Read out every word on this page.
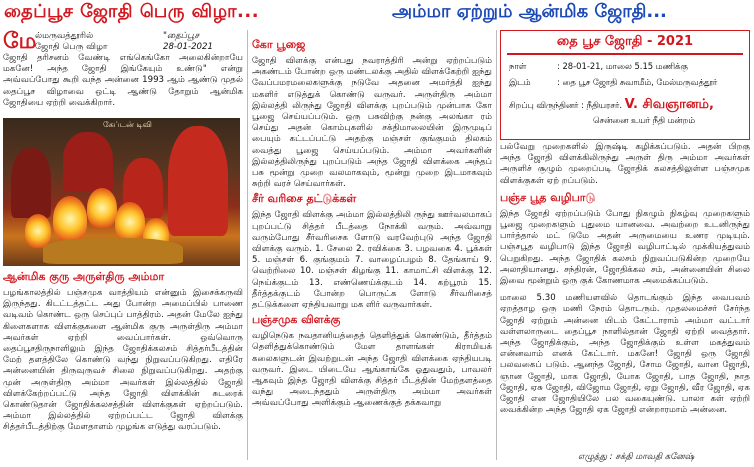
தைப்பூச ஜோதி பெரு விழா...	அம்மா ஏற்றும் ஆன்மிக ஜோதி...
மே
ல்மருவத்தூரில்
ஜோதி பெரு விழா
"தைப்பூச
28-01-2021

ஜோதி தரிசனம் வேண்டி எங்கெங்கோ அலைகின்றாயே மகனே! அந்த ஜோதி இங்கேயும் உண்டு" என்று அவ்வப்போது கூறி வந்த அன்னை 1993 ஆம் ஆண்டு முதல் தைப்பூச விழாவை ஒட்டி ஆண்டு தோறும் ஆன்மிக ஜோதியை ஏற்றி வைக்கிறார்.

கேப்டன் டிவி
ஆன்மிக குரு அருள்திரு அம்மா

பழங்காலத்தில் பஞ்சமுக வாத்தியம் என்னும் இசைக்கருவி இருந்தது. கிடட்டத்தட்ட அது போன்ற அமைப்பில் பாணை வடிவம் கொண்ட ஒரு செப்புப் பாத்திரம். அதன் மேலே ஐந்து கிளைகளாக விளக்குகளை ஆன்மிக குரு அருள்திரு அம்மா அவர்கள் ஏற்றி வைப்பார்கள். ஒவ்வொரு தைப்பூசதிருநாளிலும் இந்த ஜோதிக்கலசம் சித்தர்பீடத்தின் மேற் தளத்திலே கொண்டு வந்து நிறுவப்படுகிறது. எதிரே அன்னையின் திருவுருவச் சிலை நிறுவப்படுகிறது. அதற்கு முன் அருள்திரு அம்மா அவர்கள் இல்லத்தில் ஜோதி விளக்கேற்றப்பட்டு அந்த ஜோதி விளக்கின் சுடரைக் கொண்டுதான் ஜோதிக்கலசத்தின் விளக்குகள் ஏற்றப்படும். அம்மா இல்லத்தில் ஏற்றப்பட்ட ஜோதி விளக்கு சித்தர்பீடத்திற்கு மேளதாளம் முழங்க எடுத்து வரப்படும்.

கோ பூஜை

ஜோதி விளக்கு என்பது நவராத்திரி அன்று ஏற்றப்படும் அகண்டம் போன்ற ஒரு மண்டலக்கு அதில் விளக்கேற்றி ஐந்து வேப்பமரமலைகளுக்கு நடுவே அதனை அமர்த்தி ஐந்து மகளிர் எடுத்துக் கொண்டு வருவர். அருள்திரு அம்மா இல்லத்தி லிருந்து ஜோதி விளக்கு புறப்படும் முன்பாக கோ பூஜை செய்யப்படும். ஒரு பசுவிற்கு நன்கு அலங்கா ரம் செய்து அதன் கொம்புகளில் சக்திமாலையின் இருமுடிப் பையும் கட்டப்பட்டு அதற்கு மஞ்சள் குங்குமம் திலகம் வைத்து பூஜை செய்யப்படும். அம்மா அவர்களின் இல்லத்திலிருந்து புறப்படும் அந்த ஜோதி விளக்கை அந்தப் பசு மூன்று முறை வலமாகவும், மூன்று முறை இடமாகவும் சுற்றி வரச் செய்வார்கள்.

சீர் வரிசை தட்டுக்கள்

இந்த ஜோதி விளக்கு அம்மா இல்லத்திலி ருந்து ஊர்வலமாகப் புறப்பட்டு சித்தர் பீடத்தை நோக்கி வரும். அவ்வாறு வரும்போது சீர்வரிசைக ளோடு வரவேற்புடு அந்த ஜோதி விளக்கு வரும். 1. சேலை 2. ரவிக்கை 3. பழவகை 4. பூக்கள் 5. மஞ்சள் 6. குங்குமம் 7. வாழைப்பழம் 8. தேங்காய் 9. வெற்றிலை 10. மஞ்சள் கிழங்கு 11. காமாட்சி விளக்கு 12. நெய்க்குடம் 13. எண்ணெய்க்குடம் 14. கற்பூரம் 15. தீர்த்தக்குடம் போன்ற பொருட்க ளோடு சீர்வரிசைத் தட்டுக்களை ஏந்தியவாறு மக ளிர் வருவார்கள்.

பஞ்சமுக விளக்கு

வழிநெடுக நவதானியத்தைத் தெளித்துக் கொண்டும், தீர்த்தம் தெளித்துக்கொண்டும் மேள தாளங்கள் கிராமியக் கலைகளுடன் இவற்றுடன் அந்த ஜோதி விளக்கை ஏந்தியபடி வருவர். இடை யிடையே ஆங்காங்கே ஓதுவதும், பாவலர் ஆகவும் இந்த ஜோதி விளக்கு சித்தர் பீடத்தின் மேற்தளத்தை வந்து அடைந்ததும் அருள்திரு அம்மா அவர்கள் அவ்வப்போது அளிக்கும் ஆணைக்குத் தக்கவாறு

தை பூச ஜோதி - 2021
நாள்	: 28-01-21, மாலை 5.15 மணிக்கு
இடம்	: தை பூச ஜோதி சுவாமீம், மேல்மருவத்தூர்
சிறப்பு விருந்தினர் : நீதியரசர். V. சிவஞானம்,
சென்னை உயர் நீதி மன்றம்

பல்வேறு முறைகளில் இருஷ்டி கழிக்கப்படும். அதன் பிறகு அந்த ஜோதி விளக்கிலிருந்து அருள் திரு அம்மா அவர்கள் அருளிச் சூழும் முறைப்படி ஜோதிக் கலசத்திலுள்ள பஞ்சமுக விளக்குகள் ஏற் றப்படும்.

பஞ்ச பூத வழிபாடு

இந்த ஜோதி ஏற்றப்படும் போது நிகழும் நிகழ்வு முறைகளும் பூஜை முறைகளும் புதுமை யானவை. அவற்றை உடனிருந்து பார்த்தால் மட் டுமே அதன் அருமையை உணர முடியும். பஞ்சபூத வழிபாடு இந்த ஜோதி வழிபாட்டில் முக்கியத்துவம் பெறுகிறது. அந்த ஜோதிக் கலசம் நிறுவப்படுகின்ற முறையே அலாதியானது. சந்திரன், ஜோதிக்கல சம், அன்னையின் சிலை இவை மூன்றும் ஒரு குக் கோணமாக அமைக்கப்படும்.

மாலை 5.30 மணியளவில் தொடங்கும் இந்த வைபவம் ஏறத்தாழ ஒரு மணி நேரம் தொடரும். முதலமைச்சர் சேர்ந்த ஜோதி ஏற்றும் அன்னை யிடம் கேட்டாராம் அம்மா வட்டார் வள்ளலாருடை தைப்பூச நாளில்தான் ஜோதி ஏற்றி வைத்தார். அந்த ஜோதிக்கும், அந்த ஜோதிக்கும் உள்ள மகத்துவம் என்னவாம் எனக் கேட்டார். மகனே! ஜோதி ஒரு ஜோதி பலவகைப் படும். ஆனந்த ஜோதி, சோம ஜோதி, வான ஜோதி, ஞான ஜோதி, மாக ஜோதி, யோக ஜோதி, பாத ஜோதி, நாத ஜோதி, ஏசு ஜோதி, விஜோம ஜோதி, ஏறு ஜோதி, வீர ஜோதி, ஏக ஜோதி என ஜோதியிலே பல வகையுண்டு. பாலா கள் ஏற்றி வைக்கின்ற அந்த ஜோதி ஏக ஜோதி என்றாரமாம் அன்னை.

எழுத்து : சக்தி மாவதி கனேஷ்
